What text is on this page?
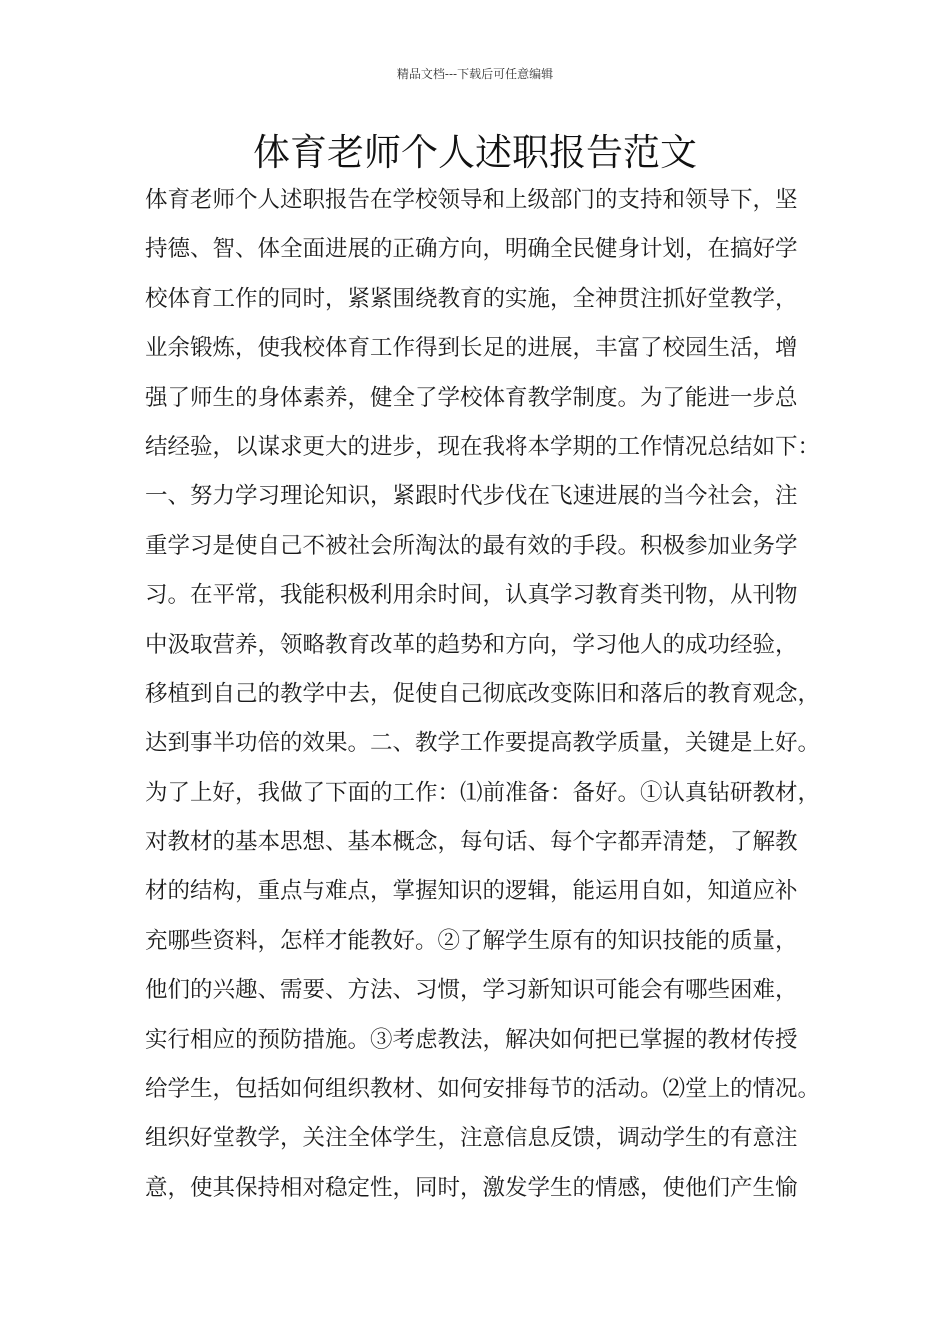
精品文档---下载后可任意编辑
体育老师个人述职报告范文
体育老师个人述职报告在学校领导和上级部门的支持和领导下，坚
持德、智、体全面进展的正确方向，明确全民健身计划，在搞好学
校体育工作的同时，紧紧围绕教育的实施，全神贯注抓好堂教学，
业余锻炼，使我校体育工作得到长足的进展，丰富了校园生活，增
强了师生的身体素养，健全了学校体育教学制度。为了能进一步总
结经验，以谋求更大的进步，现在我将本学期的工作情况总结如下：
一、努力学习理论知识，紧跟时代步伐在飞速进展的当今社会，注
重学习是使自己不被社会所淘汰的最有效的手段。积极参加业务学
习。在平常，我能积极利用余时间，认真学习教育类刊物，从刊物
中汲取营养，领略教育改革的趋势和方向，学习他人的成功经验，
移植到自己的教学中去，促使自己彻底改变陈旧和落后的教育观念，
达到事半功倍的效果。二、教学工作要提高教学质量，关键是上好。
为了上好，我做了下面的工作：⑴前准备：备好。①认真钻研教材，
对教材的基本思想、基本概念，每句话、每个字都弄清楚，了解教
材的结构，重点与难点，掌握知识的逻辑，能运用自如，知道应补
充哪些资料，怎样才能教好。②了解学生原有的知识技能的质量，
他们的兴趣、需要、方法、习惯，学习新知识可能会有哪些困难，
实行相应的预防措施。③考虑教法，解决如何把已掌握的教材传授
给学生，包括如何组织教材、如何安排每节的活动。⑵堂上的情况。
组织好堂教学，关注全体学生，注意信息反馈，调动学生的有意注
意，使其保持相对稳定性，同时，激发学生的情感，使他们产生愉
